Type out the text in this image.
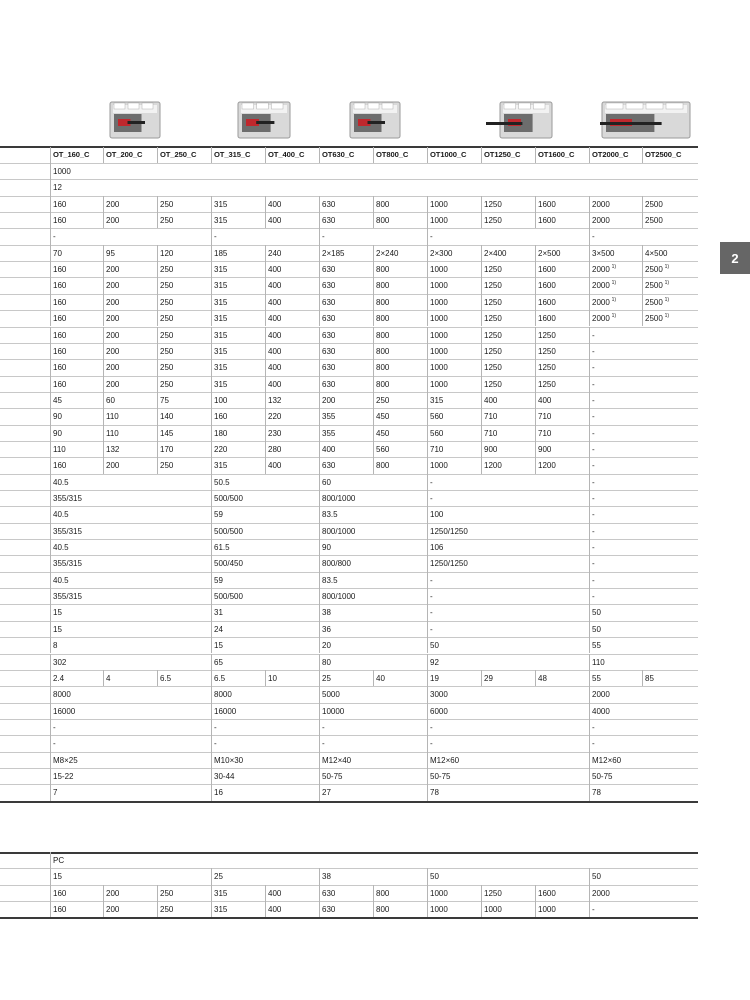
OT_160_C OT_200_C OT_250_C OT_315_C OT_400_C OT630_C	OT800_C	OT1000_C OT1250_C OT1600_C OT2000_C OT2500_C
1000
12
160	200	250	315	400	630	800	1000	1250	1600	2000	2500
160	200	250	315	400	630	800	1000	1250	1600	2000	2500
-	-	-	-	-
70	95	120	185	240	2×185	2×240	2×300	2×400	2×500	3×500	4×500
160	200	250	315	400	630	800	1000	1250	1600	2000 1)	2500 1)
160	200	250	315	400	630	800	1000	1250	1600	2000 1)	2500 1)
160	200	250	315	400	630	800	1000	1250	1600	2000 1)	2500 1)
160	200	250	315	400	630	800	1000	1250	1600	2000 1)	2500 1)
160	200	250	315	400	630	800	1000	1250	1250	-
160	200	250	315	400	630	800	1000	1250	1250	-
160	200	250	315	400	630	800	1000	1250	1250	-
160	200	250	315	400	630	800	1000	1250	1250	-
45	60	75	100	132	200	250	315	400	400	-
90	110	140	160	220	355	450	560	710	710	-
90	110	145	180	230	355	450	560	710	710	-
110	132	170	220	280	400	560	710	900	900	-
160	200	250	315	400	630	800	1000	1200	1200	-
40.5	50.5	60	-	-
355/315	500/500	800/1000	-	-
40.5	59	83.5	100	-
355/315	500/500	800/1000	1250/1250	-
40.5	61.5	90	106	-
355/315	500/450	800/800	1250/1250	-
40.5	59	83.5	-	-
355/315	500/500	800/1000	-	-
15	31	38	-	50
15	24	36	-	50
8	15	20	50	55
302	65	80	92	110
2.4	4	6.5	6.5	10	25	40	19	29	48	55	85
8000	8000	5000	3000	2000
16000	16000	10000	6000	4000
-	-	-	-	-
-	-	-	-	-
M8×25	M10×30	M12×40	M12×60	M12×60
15-22	30-44	50-75	50-75	50-75
7	16	27	78	78
PC
15	25	38	50	50
160	200	250	315	400	630	800	1000	1250	1600	2000
160	200	250	315	400	630	800	1000	1000	1000	-
2
